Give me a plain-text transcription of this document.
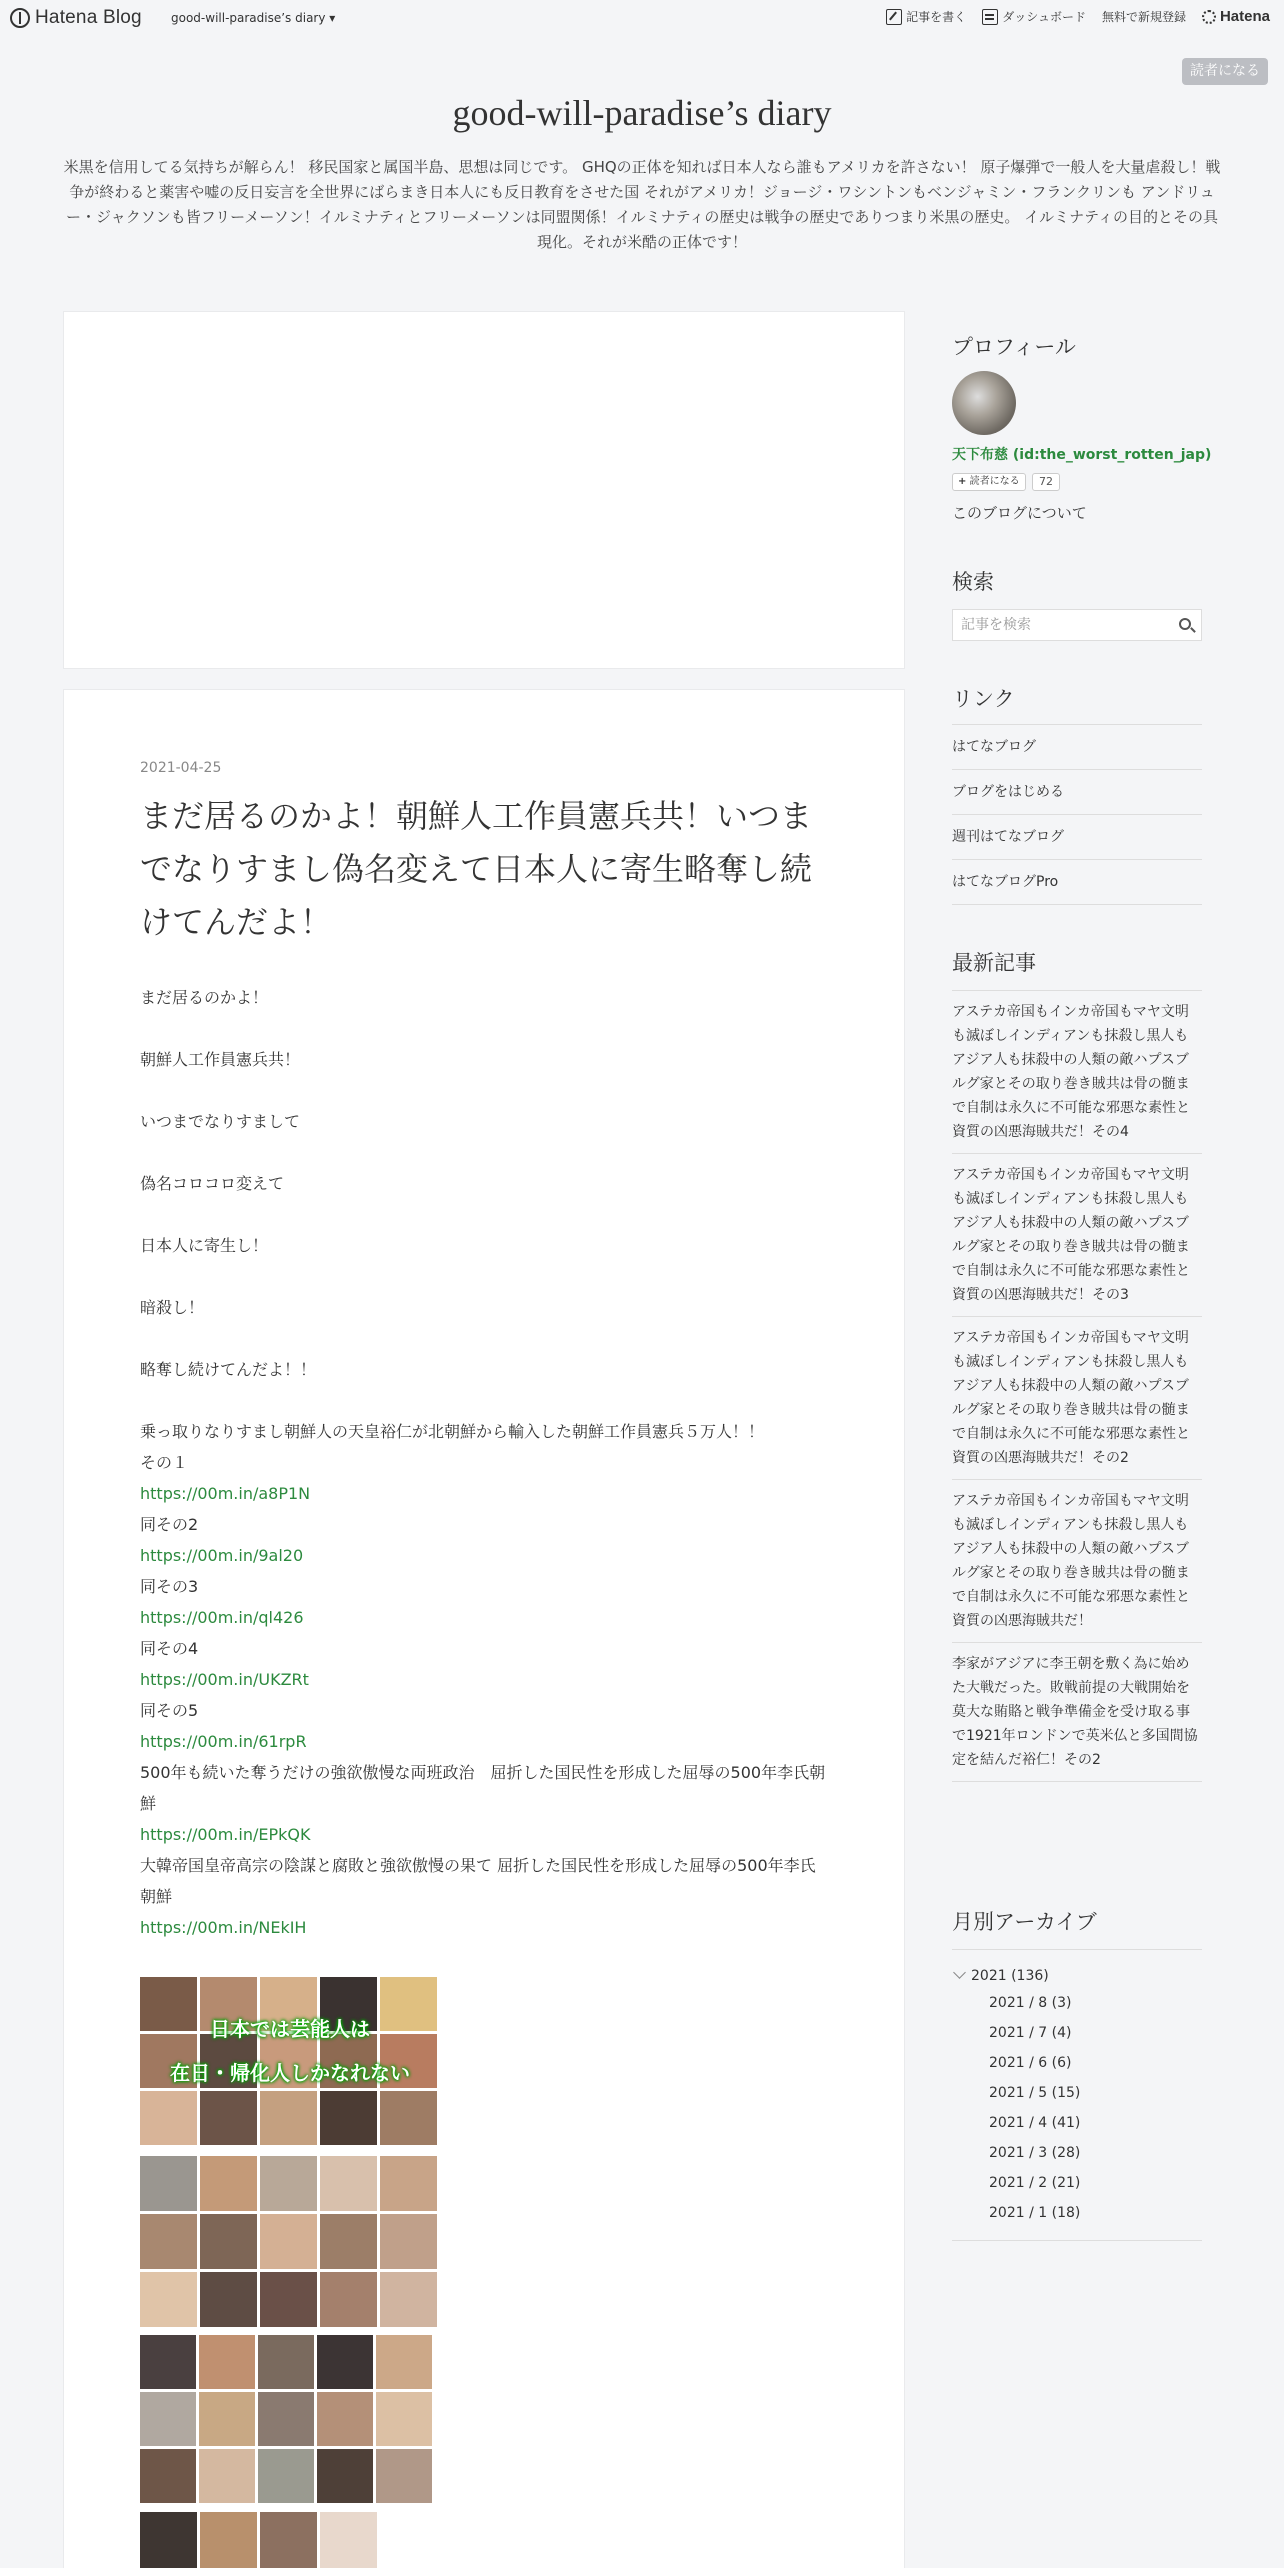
Hatena Blog good-will-paradise’s diary ▾	記事を書く	ダッシュボード 無料で新規登録 Hatena
読者になる
good-will-paradise’s diary

米黒を信用してる気持ちが解らん！ 移民国家と属国半島、思想は同じです。 GHQの正体を知れば日本人なら誰もアメリカを許さない！ 原子爆弾で一般人を大量虐殺し！戦争が終わると薬害や嘘の反日妄言を全世界にばらまき日本人にも反日教育をさせた国 それがアメリカ！ジョージ・ワシントンもベンジャミン・フランクリンも アンドリュー・ジャクソンも皆フリーメーソン！イルミナティとフリーメーソンは同盟関係！イルミナティの歴史は戦争の歴史でありつまり米黒の歴史。 イルミナティの目的とその具現化。それが米酷の正体です！

2021-04-25
まだ居るのかよ！朝鮮人工作員憲兵共！いつまでなりすまし偽名変えて日本人に寄生略奪し続けてんだよ！

まだ居るのかよ！

朝鮮人工作員憲兵共！

いつまでなりすまして

偽名コロコロ変えて

日本人に寄生し！

暗殺し！

略奪し続けてんだよ！！

乗っ取りなりすまし朝鮮人の天皇裕仁が北朝鮮から輸入した朝鮮工作員憲兵５万人！！
その１
https://00m.in/a8P1N
同その2
https://00m.in/9al20
同その3
https://00m.in/ql426
同その4
https://00m.in/UKZRt
同その5
https://00m.in/61rpR
500年も続いた奪うだけの強欲傲慢な両班政治　屈折した国民性を形成した屈辱の500年李氏朝鮮
https://00m.in/EPkQK
大韓帝国皇帝高宗の陰謀と腐敗と強欲傲慢の果て 屈折した国民性を形成した屈辱の500年李氏朝鮮
https://00m.in/NEkIH
日本では芸能人は
在日・帰化人しかなれない
プロフィール
天下布慈 (id:the_worst_rotten_jap)
+ 読者になる	72
このブログについて
検索
記事を検索
リンク
はてなブログ
ブログをはじめる
週刊はてなブログ
はてなブログPro
最新記事
アステカ帝国もインカ帝国もマヤ文明も滅ぼしインディアンも抹殺し黒人もアジア人も抹殺中の人類の敵ハプスブルグ家とその取り巻き賊共は骨の髄まで自制は永久に不可能な邪悪な素性と資質の凶悪海賊共だ！その4
アステカ帝国もインカ帝国もマヤ文明も滅ぼしインディアンも抹殺し黒人もアジア人も抹殺中の人類の敵ハプスブルグ家とその取り巻き賊共は骨の髄まで自制は永久に不可能な邪悪な素性と資質の凶悪海賊共だ！その3
アステカ帝国もインカ帝国もマヤ文明も滅ぼしインディアンも抹殺し黒人もアジア人も抹殺中の人類の敵ハプスブルグ家とその取り巻き賊共は骨の髄まで自制は永久に不可能な邪悪な素性と資質の凶悪海賊共だ！その2
アステカ帝国もインカ帝国もマヤ文明も滅ぼしインディアンも抹殺し黒人もアジア人も抹殺中の人類の敵ハプスブルグ家とその取り巻き賊共は骨の髄まで自制は永久に不可能な邪悪な素性と資質の凶悪海賊共だ！
李家がアジアに李王朝を敷く為に始めた大戦だった。敗戦前提の大戦開始を莫大な賄賂と戦争準備金を受け取る事で1921年ロンドンで英米仏と多国間協定を結んだ裕仁！その2
月別アーカイブ
2021 (136)
2021 / 8 (3)
2021 / 7 (4)
2021 / 6 (6)
2021 / 5 (15)
2021 / 4 (41)
2021 / 3 (28)
2021 / 2 (21)
2021 / 1 (18)
